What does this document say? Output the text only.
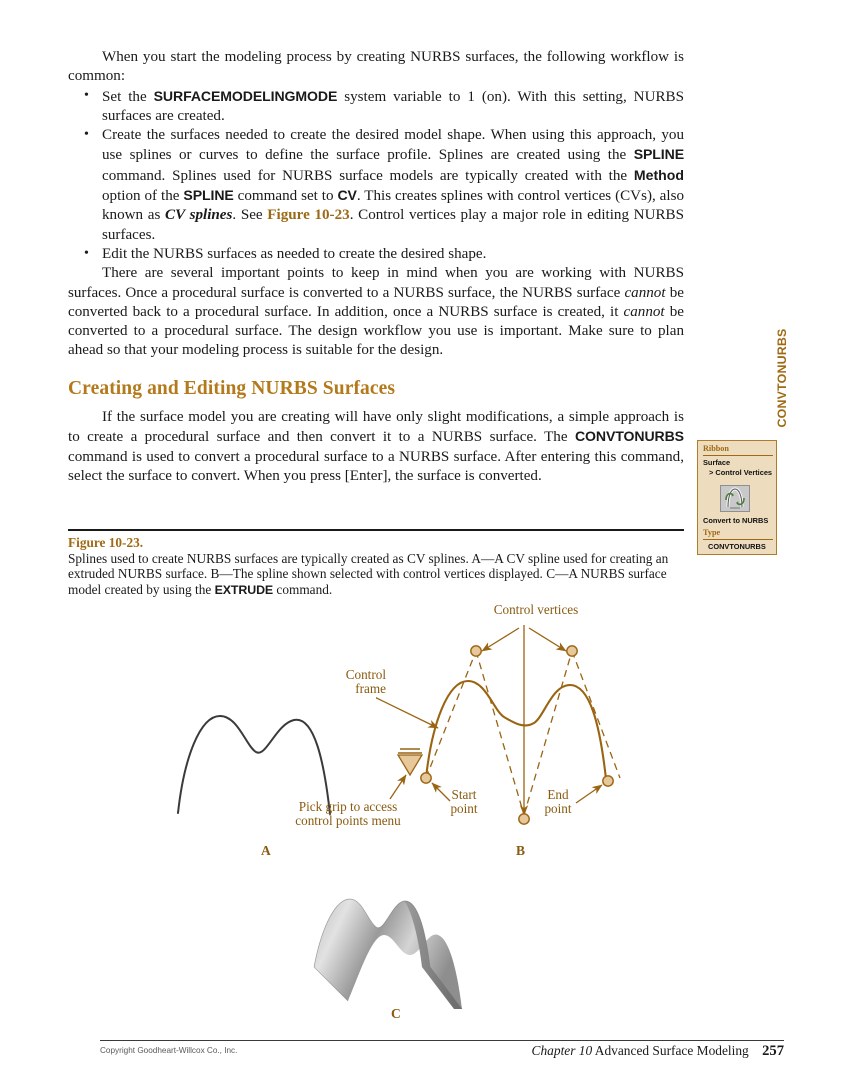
When you start the modeling process by creating NURBS surfaces, the following workflow is common:

• Set the SURFACEMODELINGMODE system variable to 1 (on). With this setting, NURBS surfaces are created.
• Create the surfaces needed to create the desired model shape. When using this approach, you use splines or curves to define the surface profile. Splines are created using the SPLINE command. Splines used for NURBS surface models are typically created with the Method option of the SPLINE command set to CV. This creates splines with control vertices (CVs), also known as CV splines. See Figure 10-23. Control vertices play a major role in editing NURBS surfaces.
• Edit the NURBS surfaces as needed to create the desired shape.

There are several important points to keep in mind when you are working with NURBS surfaces. Once a procedural surface is converted to a NURBS surface, the NURBS surface cannot be converted back to a procedural surface. In addition, once a NURBS surface is created, it cannot be converted to a procedural surface. The design workflow you use is important. Make sure to plan ahead so that your modeling process is suitable for the design.

Creating and Editing NURBS Surfaces

If the surface model you are creating will have only slight modifications, a simple approach is to create a procedural surface and then convert it to a NURBS surface. The CONVTONURBS command is used to convert a procedural surface to a NURBS surface. After entering this command, select the surface to convert. When you press [Enter], the surface is converted.

Ribbon
Surface
> Control Vertices
Convert to NURBS
Type
CONVTONURBS
CONVTONURBS
Figure 10-23.
Splines used to create NURBS surfaces are typically created as CV splines. A—A CV spline used for creating an extruded NURBS surface. B—The spline shown selected with control vertices displayed. C—A NURBS surface model created by using the EXTRUDE command.
A
Control vertices
Control
frame
Pick grip to access
control points menu
Start
point
End
point
B
C
Copyright Goodheart-Willcox Co., Inc.	Chapter 10 Advanced Surface Modeling 257
